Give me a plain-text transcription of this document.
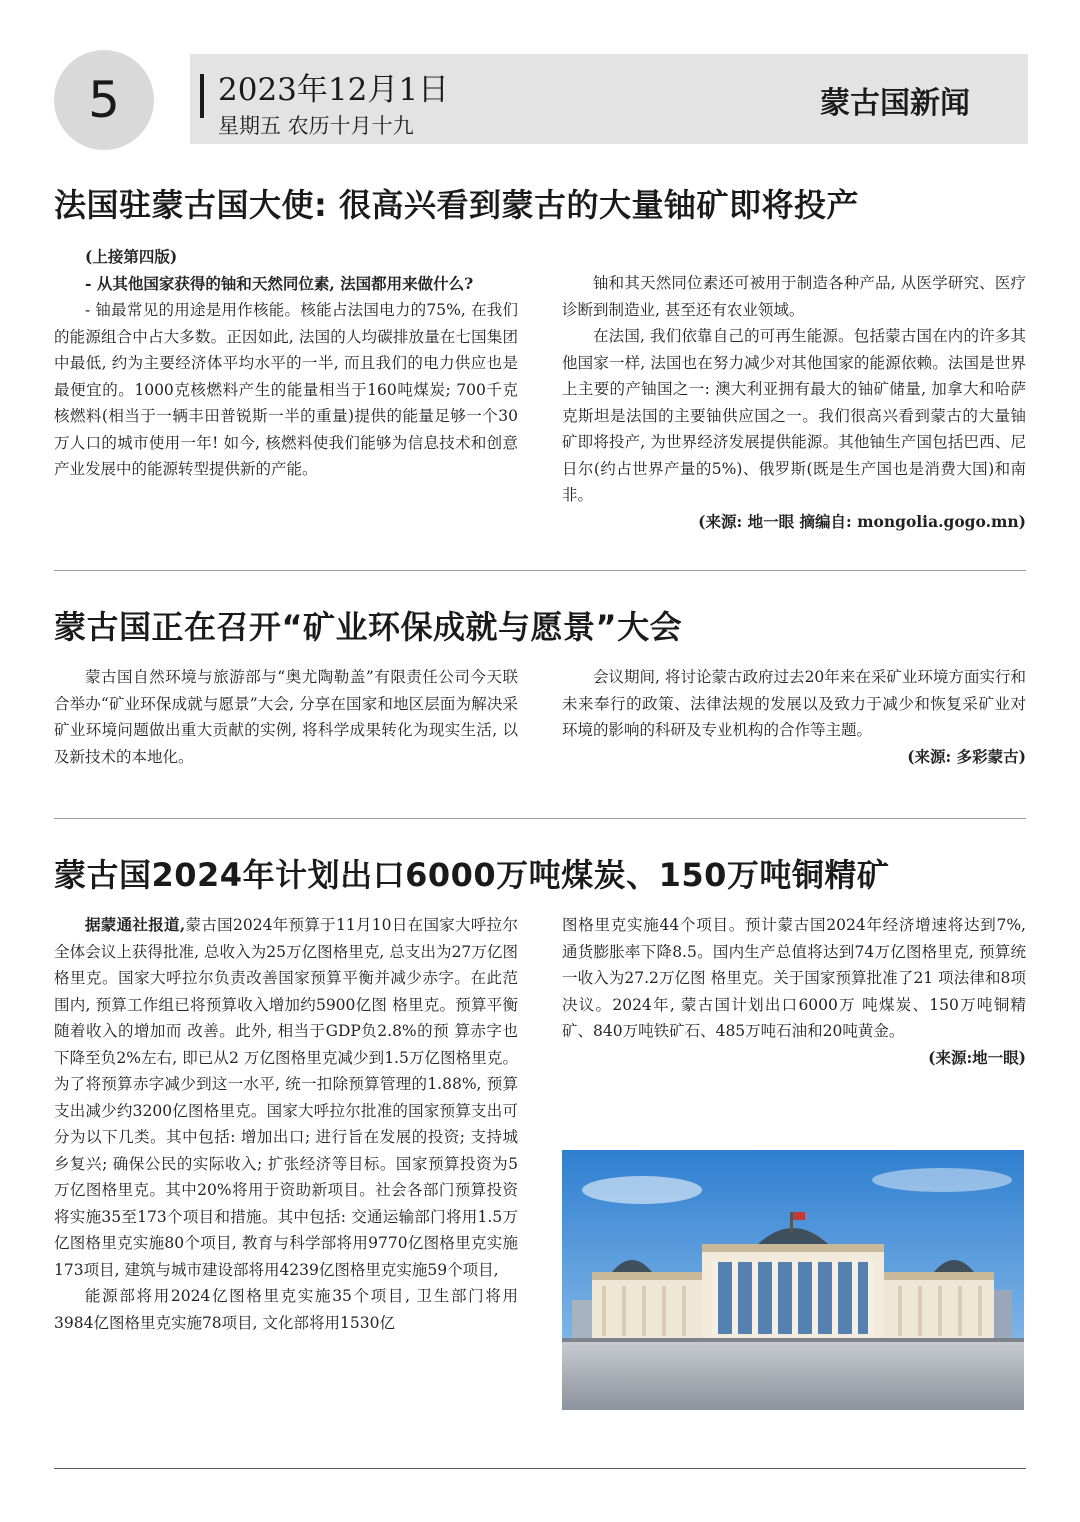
5	2023年12月1日
星期五 农历十月十九
蒙古国新闻
法国驻蒙古国大使: 很高兴看到蒙古的大量铀矿即将投产

(上接第四版)

- 从其他国家获得的铀和天然同位素, 法国都用来做什么?

- 铀最常见的用途是用作核能。核能占法国电力的75%, 在我们的能源组合中占大多数。正因如此, 法国的人均碳排放量在七国集团中最低, 约为主要经济体平均水平的一半, 而且我们的电力供应也是最便宜的。1000克核燃料产生的能量相当于160吨煤炭; 700千克核燃料(相当于一辆丰田普锐斯一半的重量)提供的能量足够一个30万人口的城市使用一年! 如今, 核燃料使我们能够为信息技术和创意产业发展中的能源转型提供新的产能。

铀和其天然同位素还可被用于制造各种产品, 从医学研究、医疗诊断到制造业, 甚至还有农业领域。

在法国, 我们依靠自己的可再生能源。包括蒙古国在内的许多其他国家一样, 法国也在努力减少对其他国家的能源依赖。法国是世界上主要的产铀国之一: 澳大利亚拥有最大的铀矿储量, 加拿大和哈萨克斯坦是法国的主要铀供应国之一。我们很高兴看到蒙古的大量铀矿即将投产, 为世界经济发展提供能源。其他铀生产国包括巴西、尼日尔(约占世界产量的5%)、俄罗斯(既是生产国也是消费大国)和南非。

(来源: 地一眼 摘编自: mongolia.gogo.mn)

蒙古国正在召开“矿业环保成就与愿景”大会

蒙古国自然环境与旅游部与“奥尤陶勒盖”有限责任公司今天联合举办“矿业环保成就与愿景”大会, 分享在国家和地区层面为解决采矿业环境问题做出重大贡献的实例, 将科学成果转化为现实生活, 以及新技术的本地化。

会议期间, 将讨论蒙古政府过去20年来在采矿业环境方面实行和未来奉行的政策、法律法规的发展以及致力于减少和恢复采矿业对环境的影响的科研及专业机构的合作等主题。

(来源: 多彩蒙古)

蒙古国2024年计划出口6000万吨煤炭、150万吨铜精矿

据蒙通社报道,蒙古国2024年预算于11月10日在国家大呼拉尔全体会议上获得批准, 总收入为25万亿图格里克, 总支出为27万亿图格里克。国家大呼拉尔负责改善国家预算平衡并减少赤字。在此范围内, 预算工作组已将预算收入增加约5900亿图 格里克。预算平衡随着收入的增加而 改善。此外, 相当于GDP负2.8%的预 算赤字也下降至负2%左右, 即已从2 万亿图格里克减少到1.5万亿图格里克。为了将预算赤字减少到这一水平, 统一扣除预算管理的1.88%, 预算支出减少约3200亿图格里克。国家大呼拉尔批准的国家预算支出可分为以下几类。其中包括: 增加出口; 进行旨在发展的投资; 支持城乡复兴; 确保公民的实际收入; 扩张经济等目标。国家预算投资为5万亿图格里克。其中20%将用于资助新项目。社会各部门预算投资将实施35至173个项目和措施。其中包括: 交通运输部门将用1.5万亿图格里克实施80个项目, 教育与科学部将用9770亿图格里克实施173项目, 建筑与城市建设部将用4239亿图格里克实施59个项目,

能源部将用2024亿图格里克实施35个项目, 卫生部门将用3984亿图格里克实施78项目, 文化部将用1530亿

图格里克实施44个项目。预计蒙古国2024年经济增速将达到7%, 通货膨胀率下降8.5。国内生产总值将达到74万亿图格里克, 预算统一收入为27.2万亿图 格里克。关于国家预算批准了21 项法律和8项决议。2024年, 蒙古国计划出口6000万 吨煤炭、150万吨铜精矿、840万吨铁矿石、485万吨石油和20吨黄金。

(来源:地一眼)
